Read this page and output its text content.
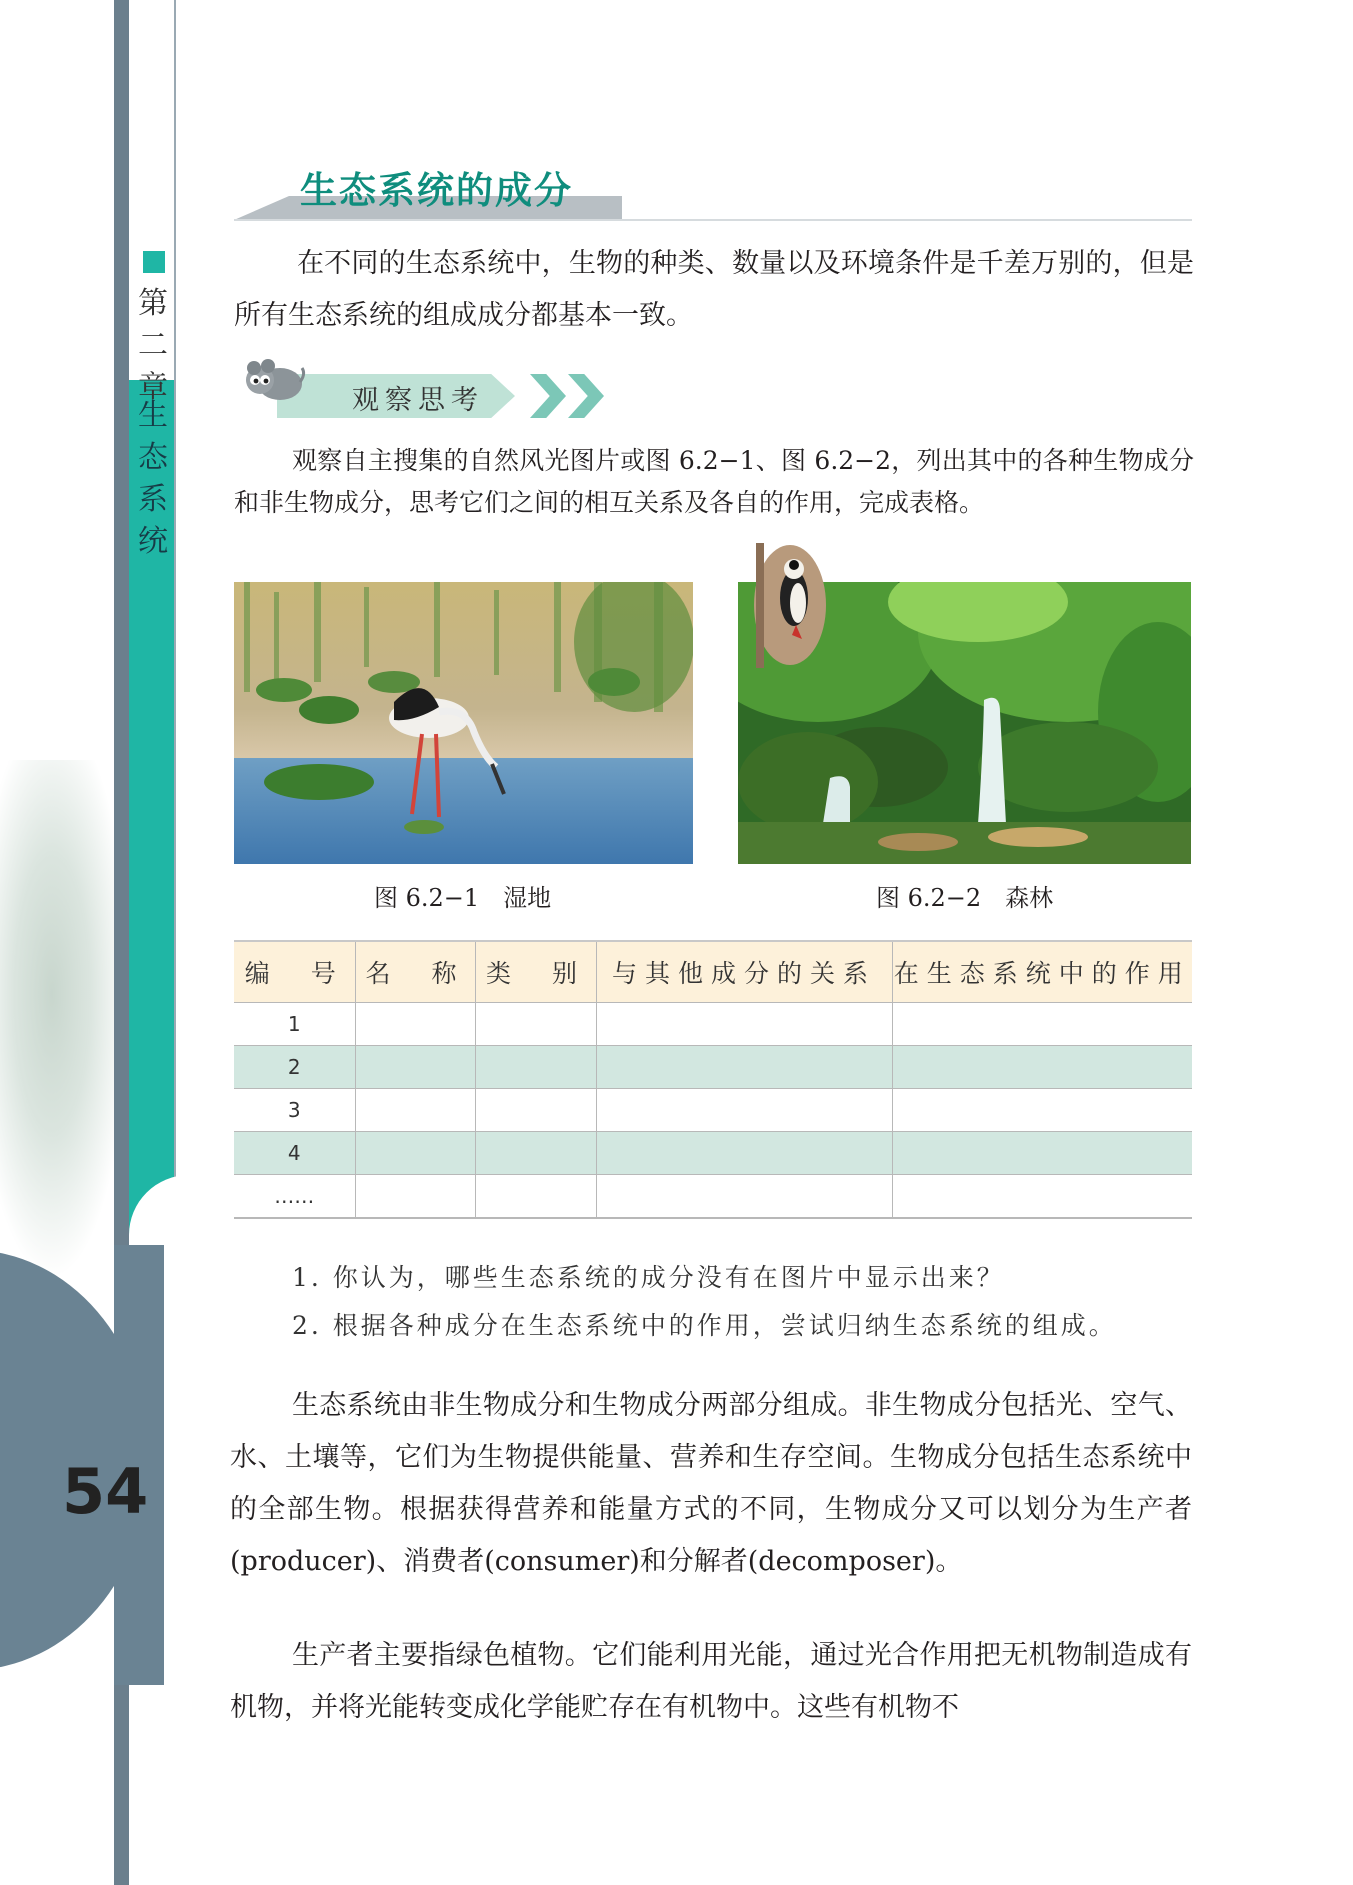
第
二
章
生
态
系
统
54
生态系统的成分
在不同的生态系统中，生物的种类、数量以及环境条件是千差万别的，但是所有生态系统的组成成分都基本一致。
观察思考
观察自主搜集的自然风光图片或图 6.2−1、图 6.2−2，列出其中的各种生物成分和非生物成分，思考它们之间的相互关系及各自的作用，完成表格。
图 6.2−1　湿地	图 6.2−2　森林
编　号	名　称	类　别	与其他成分的关系	在生态系统中的作用
1				
2				
3				
4				
……				
1. 你认为，哪些生态系统的成分没有在图片中显示出来？
2. 根据各种成分在生态系统中的作用，尝试归纳生态系统的组成。
生态系统由非生物成分和生物成分两部分组成。非生物成分包括光、空气、水、土壤等，它们为生物提供能量、营养和生存空间。生物成分包括生态系统中的全部生物。根据获得营养和能量方式的不同，生物成分又可以划分为生产者(producer)、消费者(consumer)和分解者(decomposer)。
生产者主要指绿色植物。它们能利用光能，通过光合作用把无机物制造成有机物，并将光能转变成化学能贮存在有机物中。这些有机物不
